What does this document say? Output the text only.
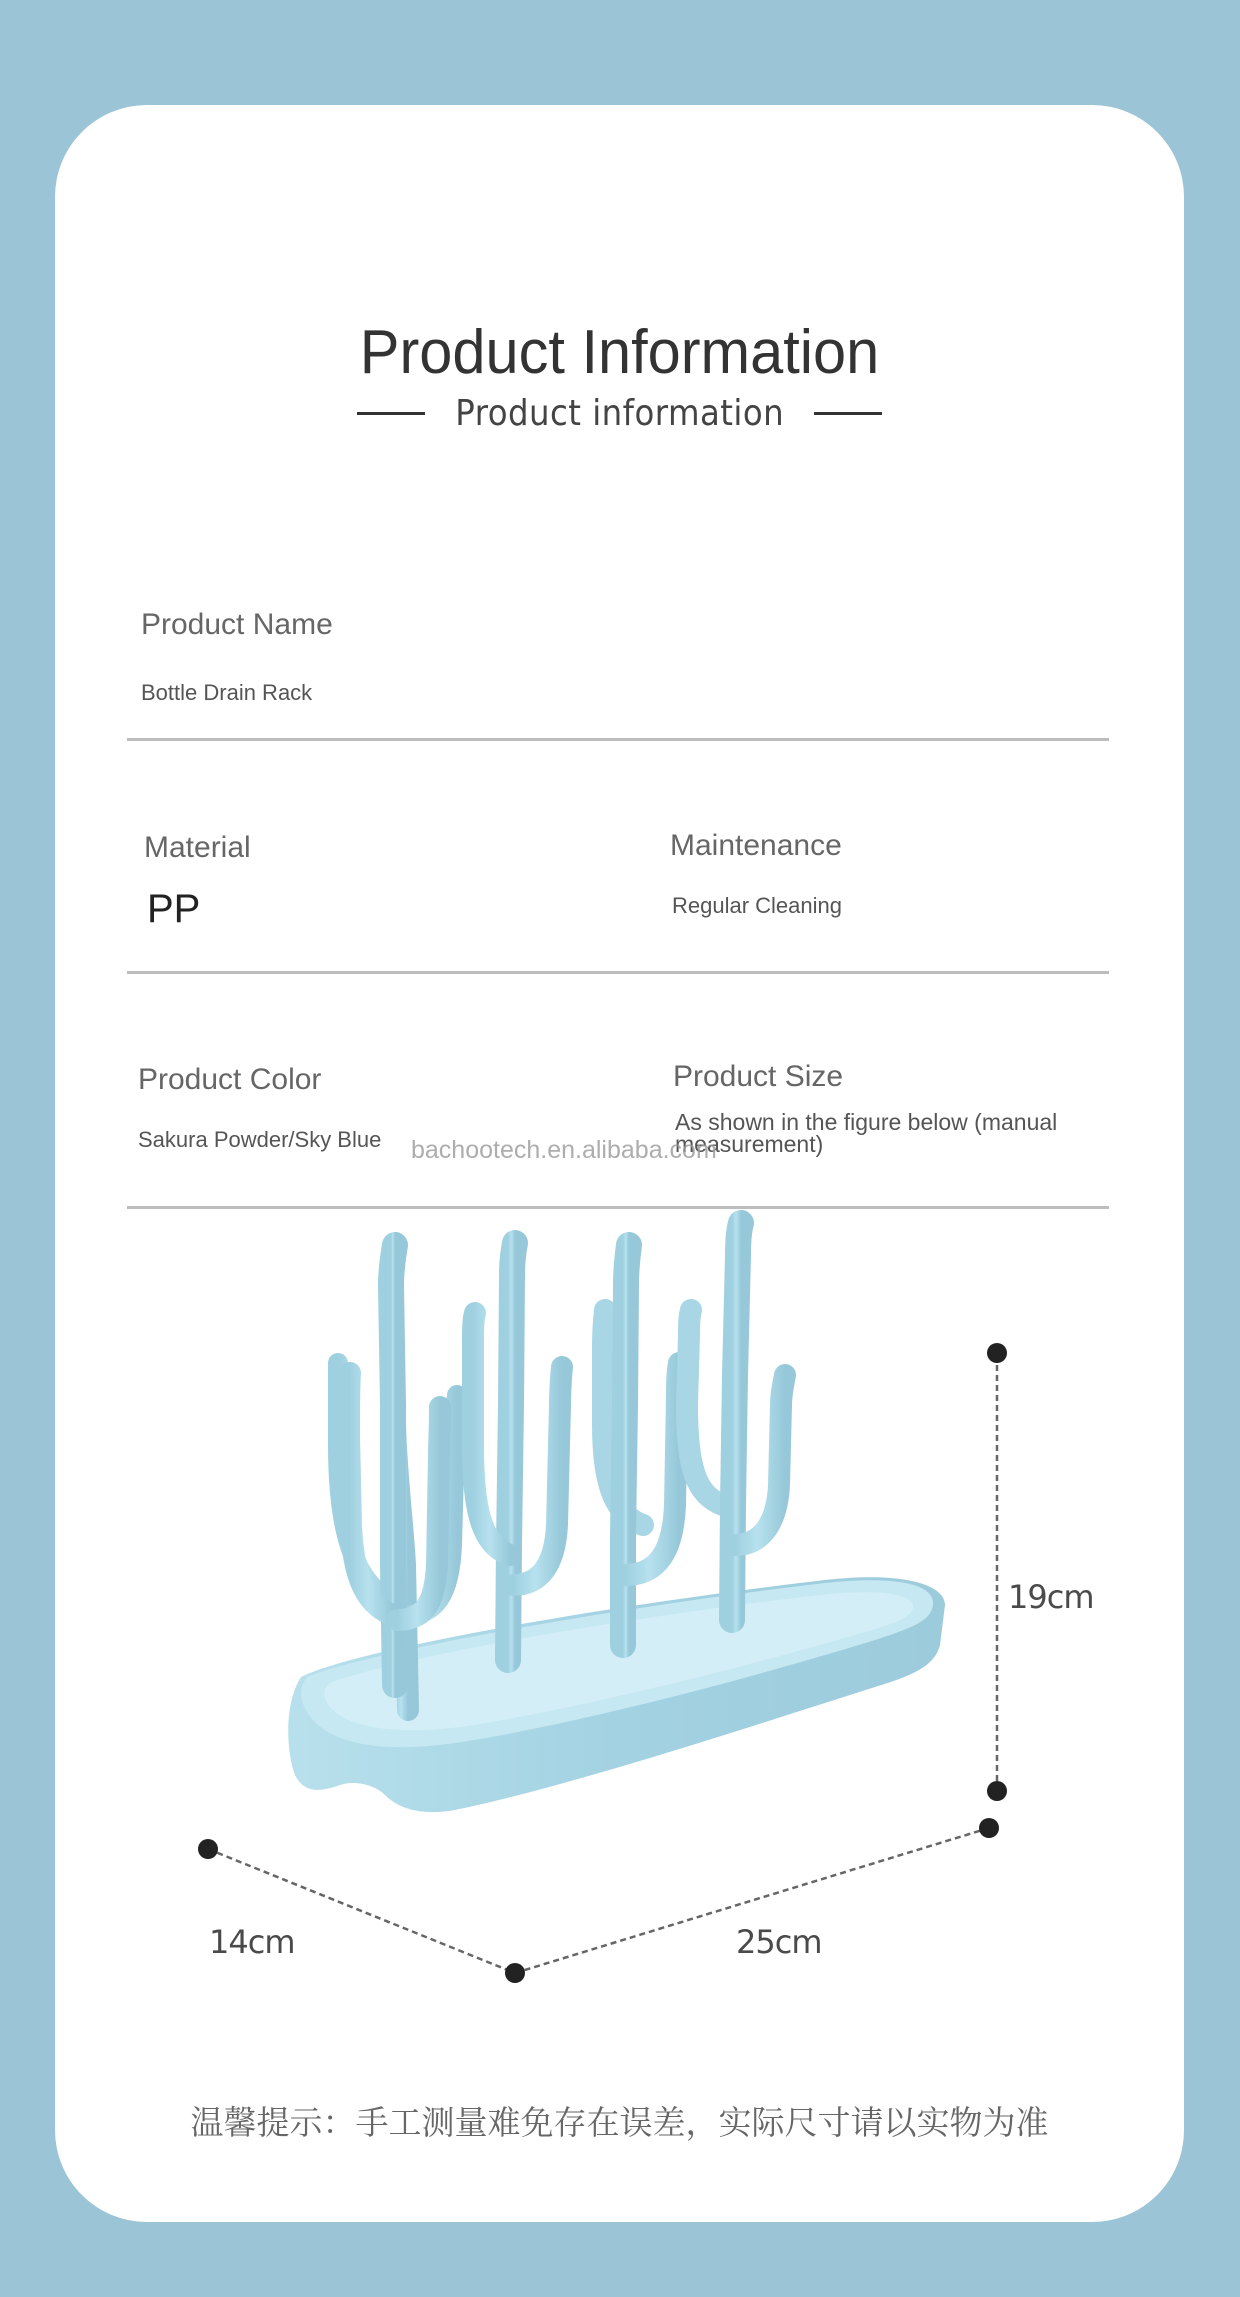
Product Information
Product information
Product Name
Bottle Drain Rack
Material
PP
Maintenance
Regular Cleaning
Product Color
Sakura Powder/Sky Blue
Product Size
As shown in the figure below (manual measurement)
bachootech.en.alibaba.com
19cm
14cm	25cm
温馨提示：手工测量难免存在误差，实际尺寸请以实物为准
